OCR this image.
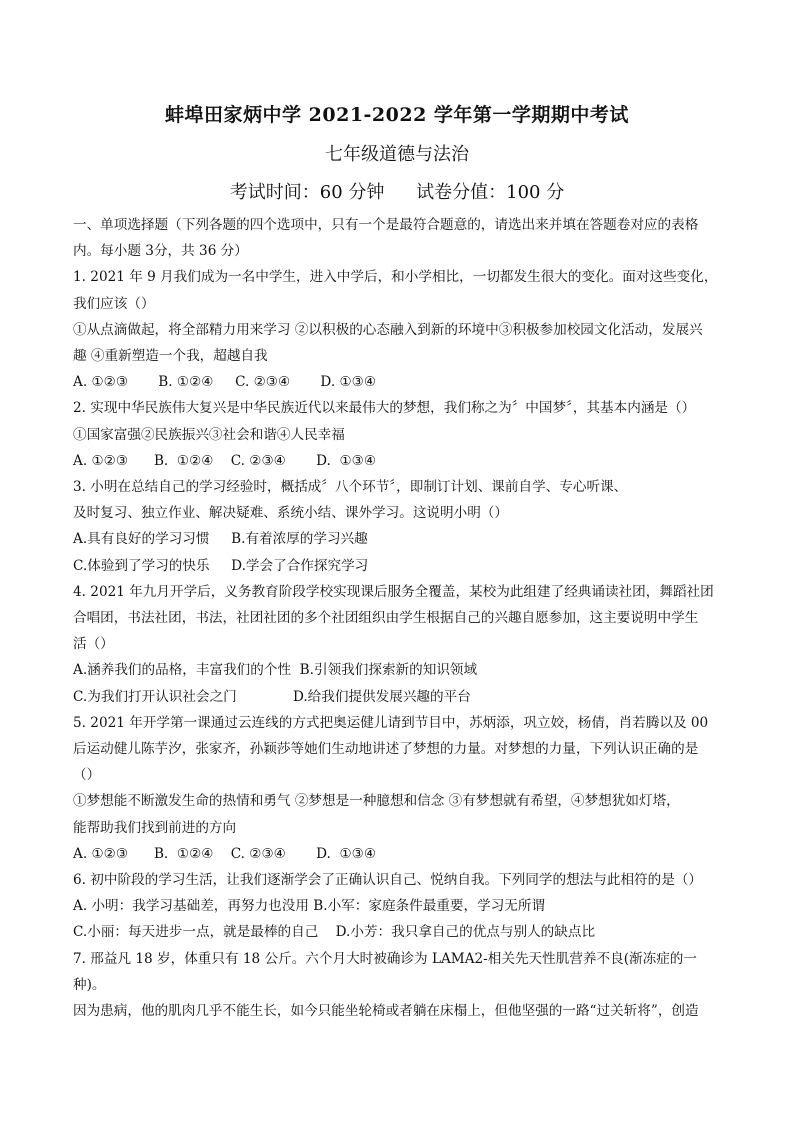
蚌埠田家炳中学 2021-2022 学年第一学期期中考试
七年级道德与法治
考试时间：60 分钟 试卷分值：100 分

一、单项选择题（下列各题的四个选项中，只有一个是最符合题意的，请选出来并填在答题卷对应的表格

内。每小题 3分，共 36 分）

1. 2021 年 9 月我们成为一名中学生，进入中学后，和小学相比，一切都发生很大的变化。面对这些变化，

我们应该（）

①从点滴做起，将全部精力用来学习 ②以积极的心态融入到新的环境中③积极参加校园文化活动，发展兴

趣 ④重新塑造一个我，超越自我

A. ①②③       B. ①②④     C. ②③④       D. ①③④

2. 实现中华民族伟大复兴是中华民族近代以来最伟大的梦想，我们称之为〞中国梦〞，其基本内涵是（）

①国家富强②民族振兴③社会和谐④人民幸福

A. ①②③      B.  ①②④    C. ②③④       D.  ①③④

3. 小明在总结自己的学习经验时，概括成〞八个环节〞，即制订计划、课前自学、专心听课、

及时复习、独立作业、解决疑难、系统小结、课外学习。这说明小明（）

A.具有良好的学习习惯     B.有着浓厚的学习兴趣

C.体验到了学习的快乐     D.学会了合作探究学习

4. 2021 年九月开学后，义务教育阶段学校实现课后服务全覆盖，某校为此组建了经典诵读社团，舞蹈社团

合唱团，书法社团，书法，社团社团的多个社团组织由学生根据自己的兴趣自愿参加，这主要说明中学生

活（）

A.涵养我们的品格，丰富我们的个性  B.引领我们探索新的知识领域

C.为我们打开认识社会之门             D.给我们提供发展兴趣的平台

5. 2021 年开学第一课通过云连线的方式把奥运健儿请到节目中，苏炳添，巩立姣，杨倩，肖若腾以及 00

后运动健儿陈芋汐，张家齐，孙颖莎等她们生动地讲述了梦想的力量。对梦想的力量，下列认识正确的是

（）

①梦想能不断激发生命的热情和勇气 ②梦想是一种臆想和信念 ③有梦想就有希望，④梦想犹如灯塔，

能帮助我们找到前进的方向

A. ①②③      B.  ①②④    C. ②③④       D.  ①③④

6. 初中阶段的学习生活，让我们逐渐学会了正确认识自己、悦纳自我。下列同学的想法与此相符的是（）

A. 小明：我学习基础差，再努力也没用 B.小军：家庭条件最重要，学习无所谓

C.小丽：每天进步一点，就是最棒的自己    D.小芳：我只拿自己的优点与别人的缺点比

7. 邢益凡 18 岁，体重只有 18 公斤。六个月大时被确诊为 LAMA2-相关先天性肌营养不良(渐冻症的一种)。

因为患病，他的肌肉几乎不能生长，如今只能坐轮椅或者躺在床榻上，但他坚强的一路“过关斩将”，创造
